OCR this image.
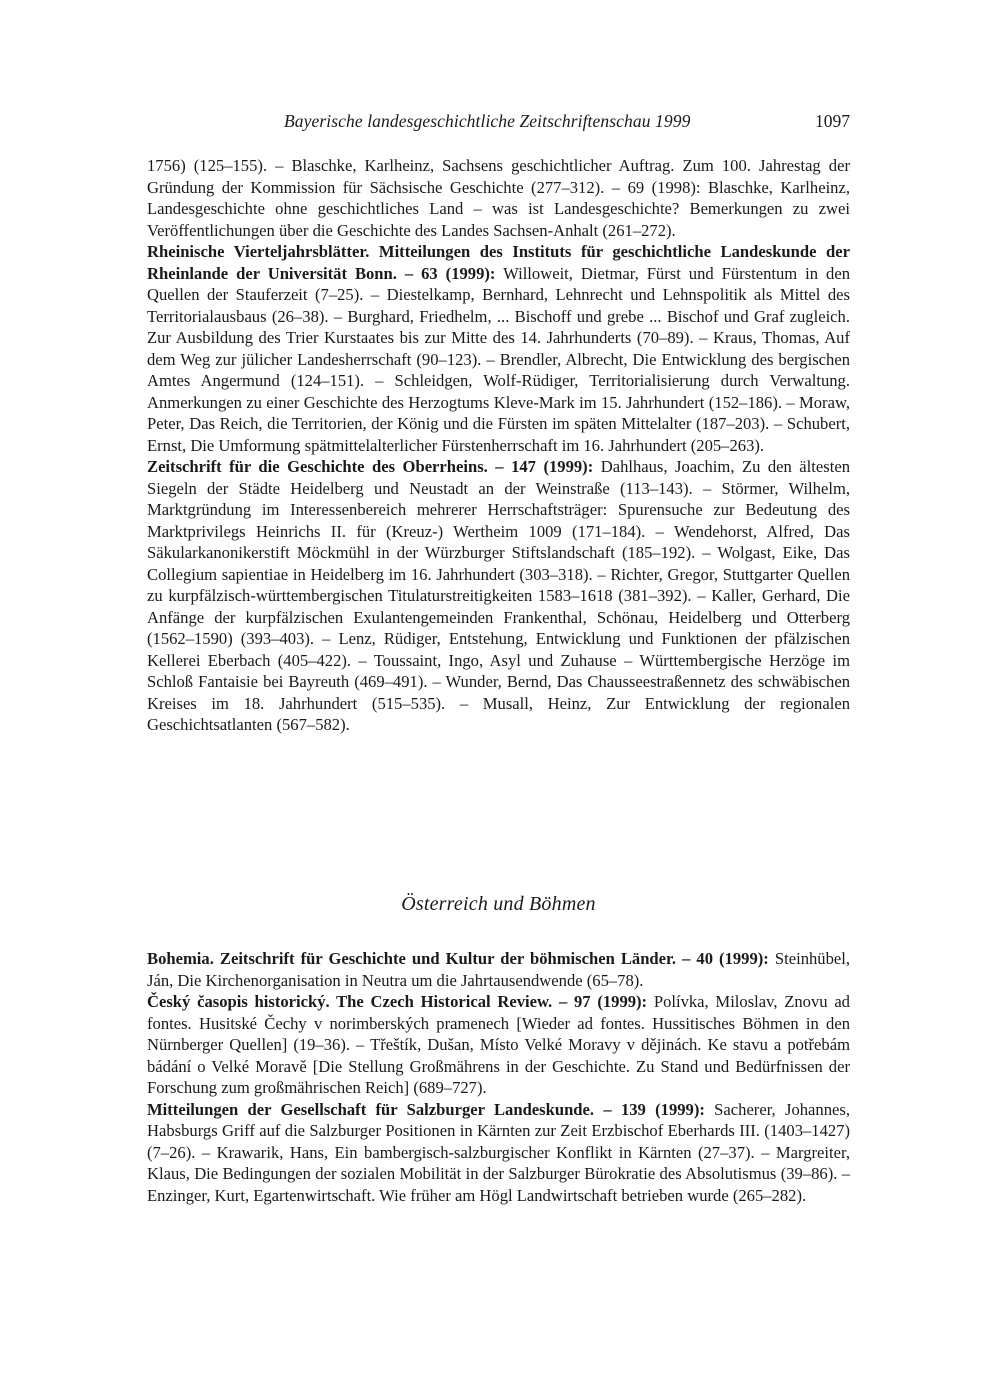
Bayerische landesgeschichtliche Zeitschriftenschau 1999	1097

1756) (125–155). – Blaschke, Karlheinz, Sachsens geschichtlicher Auftrag. Zum 100. Jahrestag der Gründung der Kommission für Sächsische Geschichte (277–312). – 69 (1998): Blaschke, Karlheinz, Landesgeschichte ohne geschichtliches Land – was ist Landesgeschichte? Bemerkungen zu zwei Veröffentlichungen über die Geschichte des Landes Sachsen-Anhalt (261–272).

Rheinische Vierteljahrsblätter. Mitteilungen des Instituts für geschichtliche Landeskunde der Rheinlande der Universität Bonn. – 63 (1999): Willoweit, Dietmar, Fürst und Fürstentum in den Quellen der Stauferzeit (7–25). – Diestelkamp, Bernhard, Lehnrecht und Lehnspolitik als Mittel des Territorialausbaus (26–38). – Burghard, Friedhelm, ... Bischoff und grebe ... Bischof und Graf zugleich. Zur Ausbildung des Trier Kurstaates bis zur Mitte des 14. Jahrhunderts (70–89). – Kraus, Thomas, Auf dem Weg zur jülicher Landesherrschaft (90–123). – Brendler, Albrecht, Die Entwicklung des bergischen Amtes Angermund (124–151). – Schleidgen, Wolf-Rüdiger, Territorialisierung durch Verwaltung. Anmerkungen zu einer Geschichte des Herzogtums Kleve-Mark im 15. Jahrhundert (152–186). – Moraw, Peter, Das Reich, die Territorien, der König und die Fürsten im späten Mittelalter (187–203). – Schubert, Ernst, Die Umformung spätmittelalterlicher Fürstenherrschaft im 16. Jahrhundert (205–263).

Zeitschrift für die Geschichte des Oberrheins. – 147 (1999): Dahlhaus, Joachim, Zu den ältesten Siegeln der Städte Heidelberg und Neustadt an der Weinstraße (113–143). – Störmer, Wilhelm, Marktgründung im Interessenbereich mehrerer Herrschaftsträger: Spurensuche zur Bedeutung des Marktprivilegs Heinrichs II. für (Kreuz-) Wertheim 1009 (171–184). – Wendehorst, Alfred, Das Säkularkanonikerstift Möckmühl in der Würzburger Stiftslandschaft (185–192). – Wolgast, Eike, Das Collegium sapientiae in Heidelberg im 16. Jahrhundert (303–318). – Richter, Gregor, Stuttgarter Quellen zu kurpfälzisch-württembergischen Titulaturstreitigkeiten 1583–1618 (381–392). – Kaller, Gerhard, Die Anfänge der kurpfälzischen Exulantengemeinden Frankenthal, Schönau, Heidelberg und Otterberg (1562–1590) (393–403). – Lenz, Rüdiger, Entstehung, Entwicklung und Funktionen der pfälzischen Kellerei Eberbach (405–422). – Toussaint, Ingo, Asyl und Zuhause – Württembergische Herzöge im Schloß Fantaisie bei Bayreuth (469–491). – Wunder, Bernd, Das Chausseestraßennetz des schwäbischen Kreises im 18. Jahrhundert (515–535). – Musall, Heinz, Zur Entwicklung der regionalen Geschichtsatlanten (567–582).

Österreich und Böhmen

Bohemia. Zeitschrift für Geschichte und Kultur der böhmischen Länder. – 40 (1999): Steinhübel, Ján, Die Kirchenorganisation in Neutra um die Jahrtausendwende (65–78).

Český časopis historický. The Czech Historical Review. – 97 (1999): Polívka, Miloslav, Znovu ad fontes. Husitské Čechy v norimberských pramenech [Wieder ad fontes. Hussitisches Böhmen in den Nürnberger Quellen] (19–36). – Třeštík, Dušan, Místo Velké Moravy v dějinách. Ke stavu a potřebám bádání o Velké Moravě [Die Stellung Großmährens in der Geschichte. Zu Stand und Bedürfnissen der Forschung zum großmährischen Reich] (689–727).

Mitteilungen der Gesellschaft für Salzburger Landeskunde. – 139 (1999): Sacherer, Johannes, Habsburgs Griff auf die Salzburger Positionen in Kärnten zur Zeit Erzbischof Eberhards III. (1403–1427) (7–26). – Krawarik, Hans, Ein bambergisch-salzburgischer Konflikt in Kärnten (27–37). – Margreiter, Klaus, Die Bedingungen der sozialen Mobilität in der Salzburger Bürokratie des Absolutismus (39–86). – Enzinger, Kurt, Egartenwirtschaft. Wie früher am Högl Landwirtschaft betrieben wurde (265–282).
